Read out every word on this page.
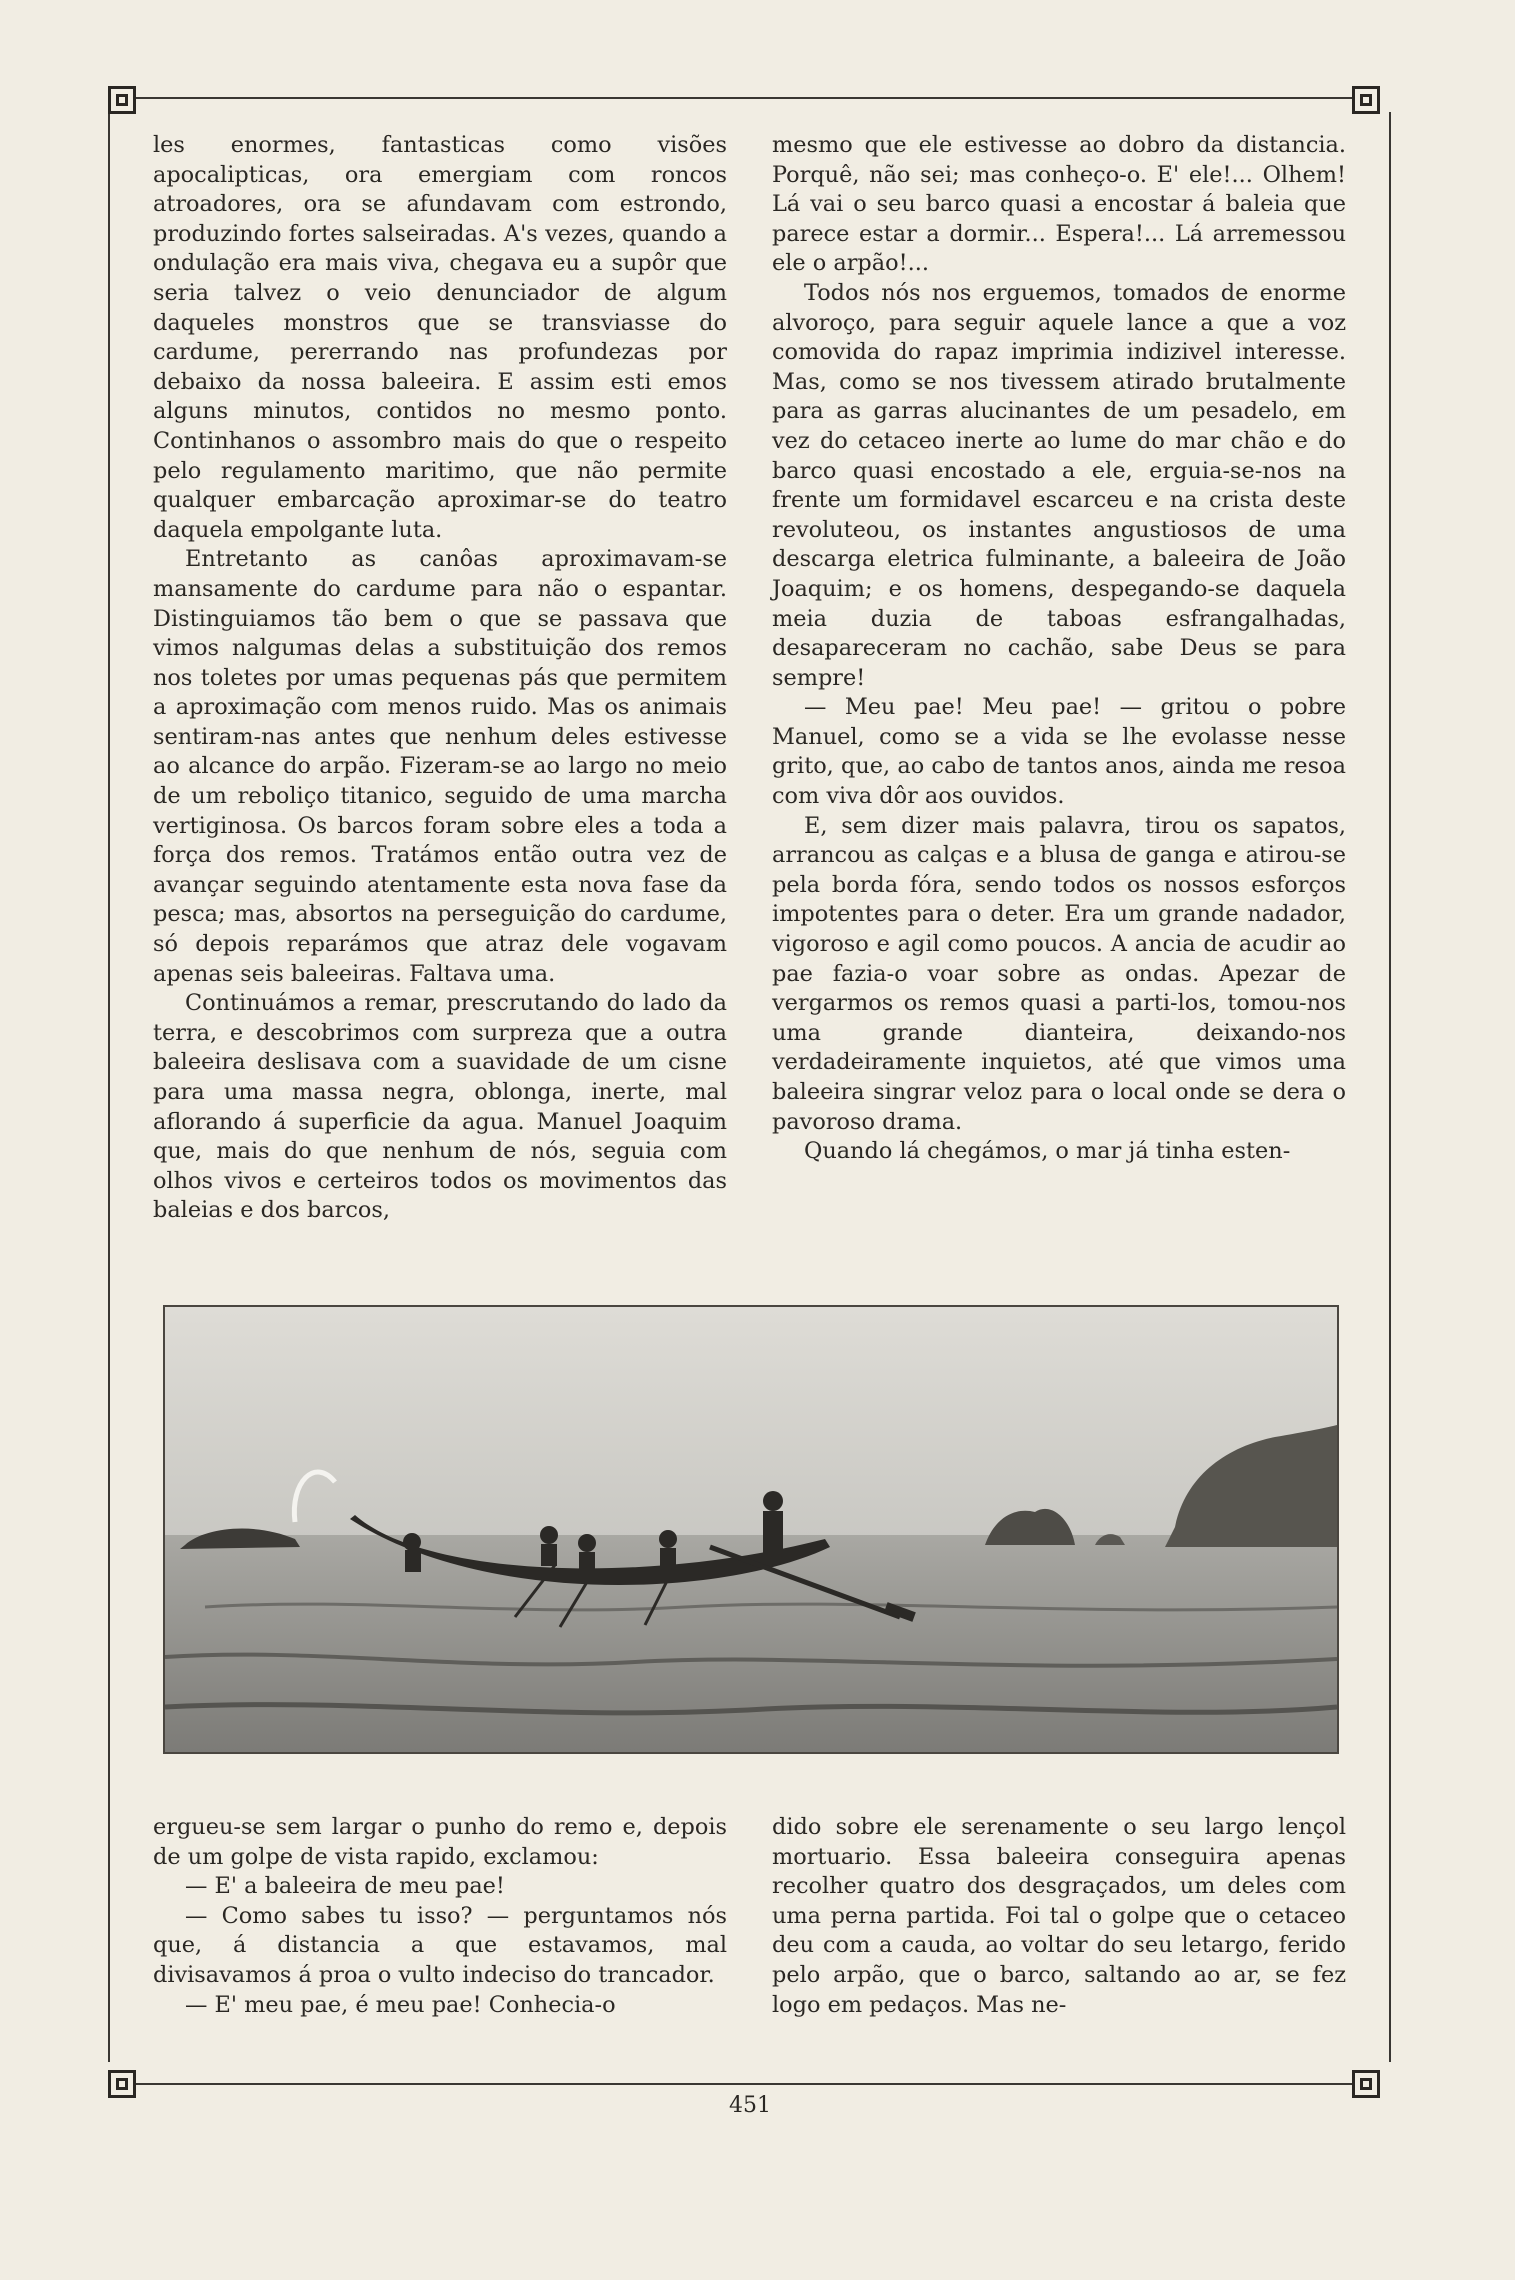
les enormes, fantasticas como visões apocalipticas, ora emergiam com roncos atroadores, ora se afundavam com estrondo, produzindo fortes salseiradas. A's vezes, quando a ondulação era mais viva, chegava eu a supôr que seria talvez o veio denunciador de algum daqueles monstros que se transviasse do cardume, pererrando nas profundezas por debaixo da nossa baleeira. E assim esti emos alguns minutos, contidos no mesmo ponto. Continhanos o assombro mais do que o respeito pelo regulamento maritimo, que não permite qualquer embarcação aproximar-se do teatro daquela empolgante luta.

Entretanto as canôas aproximavam-se mansamente do cardume para não o espantar. Distinguiamos tão bem o que se passava que vimos nalgumas delas a substituição dos remos nos toletes por umas pequenas pás que permitem a aproximação com menos ruido. Mas os animais sentiram-nas antes que nenhum deles estivesse ao alcance do arpão. Fizeram-se ao largo no meio de um reboliço titanico, seguido de uma marcha vertiginosa. Os barcos foram sobre eles a toda a força dos remos. Tratámos então outra vez de avançar seguindo atentamente esta nova fase da pesca; mas, absortos na perseguição do cardume, só depois reparámos que atraz dele vogavam apenas seis baleeiras. Faltava uma.

Continuámos a remar, prescrutando do lado da terra, e descobrimos com surpreza que a outra baleeira deslisava com a suavidade de um cisne para uma massa negra, oblonga, inerte, mal aflorando á superficie da agua. Manuel Joaquim que, mais do que nenhum de nós, seguia com olhos vivos e certeiros todos os movimentos das baleias e dos barcos,

mesmo que ele estivesse ao dobro da distancia. Porquê, não sei; mas conheço-o. E' ele!... Olhem! Lá vai o seu barco quasi a encostar á baleia que parece estar a dormir... Espera!... Lá arremessou ele o arpão!...

Todos nós nos erguemos, tomados de enorme alvoroço, para seguir aquele lance a que a voz comovida do rapaz imprimia indizivel interesse. Mas, como se nos tivessem atirado brutalmente para as garras alucinantes de um pesadelo, em vez do cetaceo inerte ao lume do mar chão e do barco quasi encostado a ele, erguia-se-nos na frente um formidavel escarceu e na crista deste revoluteou, os instantes angustiosos de uma descarga eletrica fulminante, a baleeira de João Joaquim; e os homens, despegando-se daquela meia duzia de taboas esfrangalhadas, desapareceram no cachão, sabe Deus se para sempre!

— Meu pae! Meu pae! — gritou o pobre Manuel, como se a vida se lhe evolasse nesse grito, que, ao cabo de tantos anos, ainda me resoa com viva dôr aos ouvidos.

E, sem dizer mais palavra, tirou os sapatos, arrancou as calças e a blusa de ganga e atirou-se pela borda fóra, sendo todos os nossos esforços impotentes para o deter. Era um grande nadador, vigoroso e agil como poucos. A ancia de acudir ao pae fazia-o voar sobre as ondas. Apezar de vergarmos os remos quasi a parti-los, tomou-nos uma grande dianteira, deixando-nos verdadeiramente inquietos, até que vimos uma baleeira singrar veloz para o local onde se dera o pavoroso drama.

Quando lá chegámos, o mar já tinha esten-

ergueu-se sem largar o punho do remo e, depois de um golpe de vista rapido, exclamou:

— E' a baleeira de meu pae!

— Como sabes tu isso? — perguntamos nós que, á distancia a que estavamos, mal divisavamos á proa o vulto indeciso do trancador.

— E' meu pae, é meu pae! Conhecia-o

dido sobre ele serenamente o seu largo lençol mortuario. Essa baleeira conseguira apenas recolher quatro dos desgraçados, um deles com uma perna partida. Foi tal o golpe que o cetaceo deu com a cauda, ao voltar do seu letargo, ferido pelo arpão, que o barco, saltando ao ar, se fez logo em pedaços. Mas ne-

451
